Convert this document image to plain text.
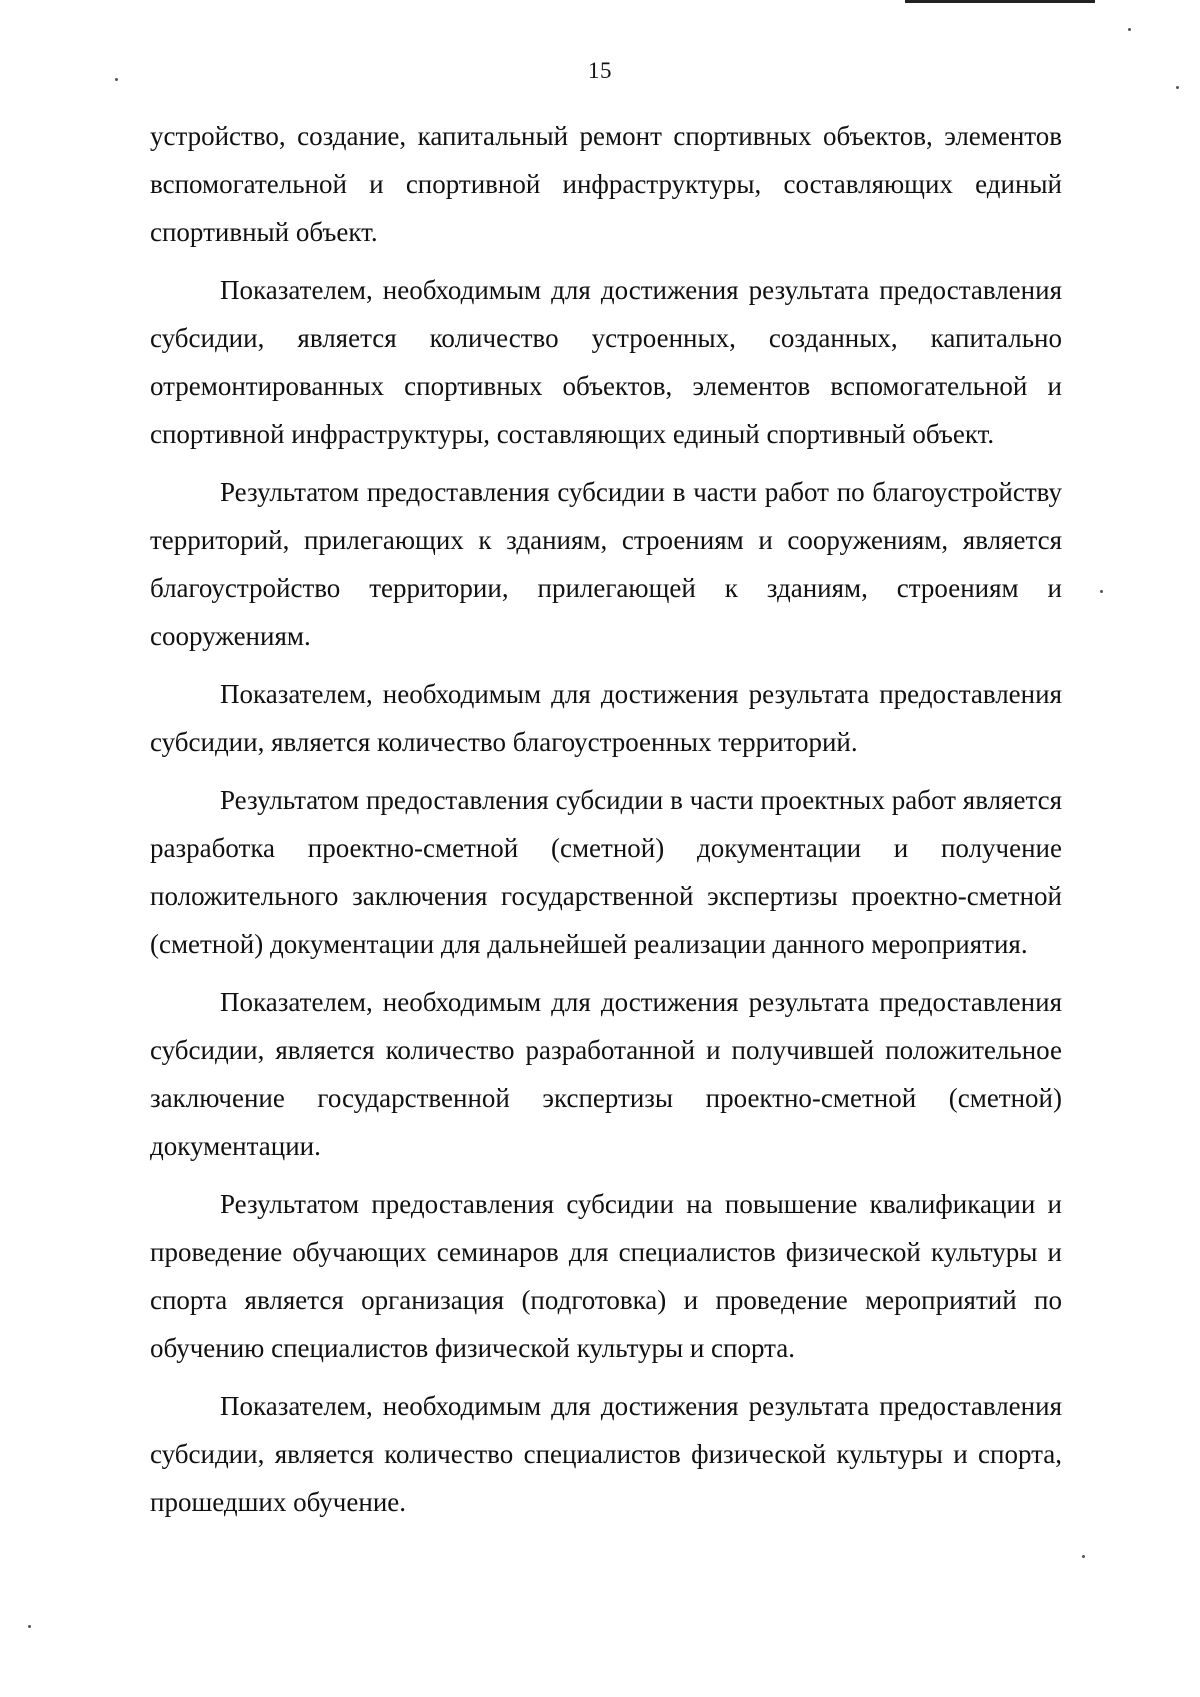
15

устройство, создание, капитальный ремонт спортивных объектов, элементов вспомогательной и спортивной инфраструктуры, составляющих единый спортивный объект.

Показателем, необходимым для достижения результата предоставления субсидии, является количество устроенных, созданных, капитально отремонтированных спортивных объектов, элементов вспомогательной и спортивной инфраструктуры, составляющих единый спортивный объект.

Результатом предоставления субсидии в части работ по благоустройству территорий, прилегающих к зданиям, строениям и сооружениям, является благоустройство территории, прилегающей к зданиям, строениям и сооружениям.

Показателем, необходимым для достижения результата предоставления субсидии, является количество благоустроенных территорий.

Результатом предоставления субсидии в части проектных работ является разработка проектно-сметной (сметной) документации и получение положительного заключения государственной экспертизы проектно-сметной (сметной) документации для дальнейшей реализации данного мероприятия.

Показателем, необходимым для достижения результата предоставления субсидии, является количество разработанной и получившей положительное заключение государственной экспертизы проектно-сметной (сметной) документации.

Результатом предоставления субсидии на повышение квалификации и проведение обучающих семинаров для специалистов физической культуры и спорта является организация (подготовка) и проведение мероприятий по обучению специалистов физической культуры и спорта.

Показателем, необходимым для достижения результата предоставления субсидии, является количество специалистов физической культуры и спорта, прошедших обучение.
